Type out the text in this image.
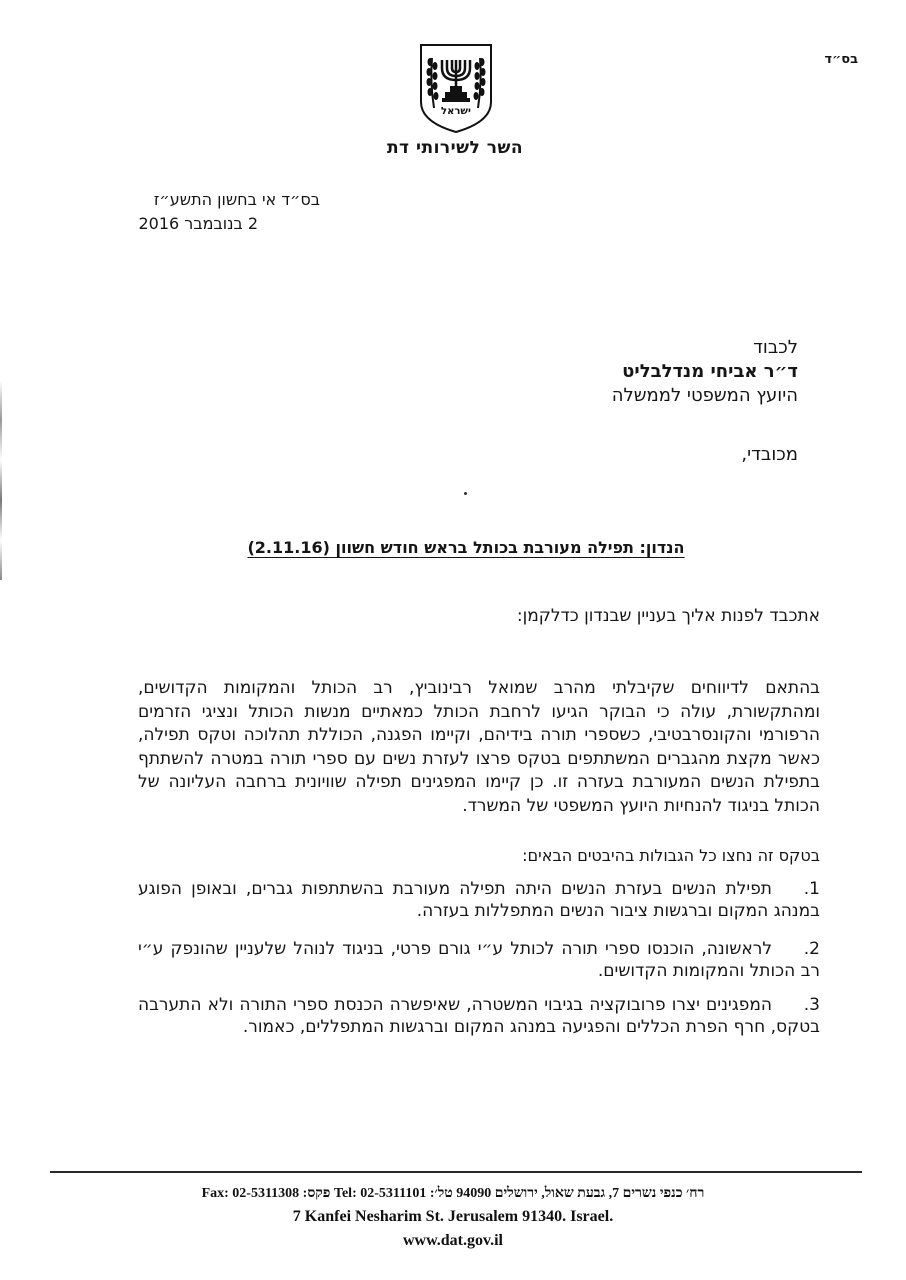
בס״ד
ישראל
השר לשירותי דת
בס״ד אי בחשון התשע״ז
2 בנובמבר 2016
לכבוד
ד״ר אביחי מנדלבליט
היועץ המשפטי לממשלה
מכובדי,
הנדון: תפילה מעורבת בכותל בראש חודש חשוון (2.11.16)
אתכבד לפנות אליך בעניין שבנדון כדלקמן:
בהתאם לדיווחים שקיבלתי מהרב שמואל רבינוביץ, רב הכותל והמקומות הקדושים, ומהתקשורת, עולה כי הבוקר הגיעו לרחבת הכותל כמאתיים מנשות הכותל ונציגי הזרמים הרפורמי והקונסרבטיבי, כשספרי תורה בידיהם, וקיימו הפגנה, הכוללת תהלוכה וטקס תפילה, כאשר מקצת מהגברים המשתתפים בטקס פרצו לעזרת נשים עם ספרי תורה במטרה להשתתף בתפילת הנשים המעורבת בעזרה זו. כן קיימו המפגינים תפילה שוויונית ברחבה העליונה של הכותל בניגוד להנחיות היועץ המשפטי של המשרד.
בטקס זה נחצו כל הגבולות בהיבטים הבאים:
1.תפילת הנשים בעזרת הנשים היתה תפילה מעורבת בהשתתפות גברים, ובאופן הפוגע במנהג המקום וברגשות ציבור הנשים המתפללות בעזרה.
2.לראשונה, הוכנסו ספרי תורה לכותל ע״י גורם פרטי, בניגוד לנוהל שלעניין שהונפק ע״י רב הכותל והמקומות הקדושים.
3.המפגינים יצרו פרובוקציה בגיבוי המשטרה, שאיפשרה הכנסת ספרי התורה ולא התערבה בטקס, חרף הפרת הכללים והפגיעה במנהג המקום וברגשות המתפללים, כאמור.
רח׳ כנפי נשרים 7, גבעת שאול, ירושלים 94090 טל׳: Tel: 02-5311101 פקס: Fax: 02-5311308
7 Kanfei Nesharim St. Jerusalem 91340. Israel.
www.dat.gov.il
